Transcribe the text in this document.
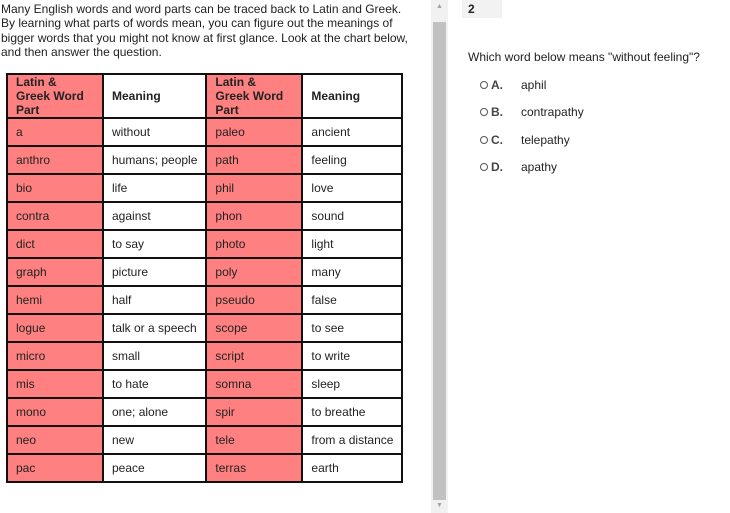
Many English words and word parts can be traced back to Latin and Greek. By learning what parts of words mean, you can figure out the meanings of bigger words that you might not know at first glance. Look at the chart below, and then answer the question.

Latin & Greek Word Part	Meaning	Latin & Greek Word Part	Meaning
a	without	paleo	ancient
anthro	humans; people	path	feeling
bio	life	phil	love
contra	against	phon	sound
dict	to say	photo	light
graph	picture	poly	many
hemi	half	pseudo	false
logue	talk or a speech	scope	to see
micro	small	script	to write
mis	to hate	somna	sleep
mono	one; alone	spir	to breathe
neo	new	tele	from a distance
pac	peace	terras	earth
▲
▼
2

Which word below means "without feeling"?

A.	aphil
B.	contrapathy
C.	telepathy
D.	apathy
